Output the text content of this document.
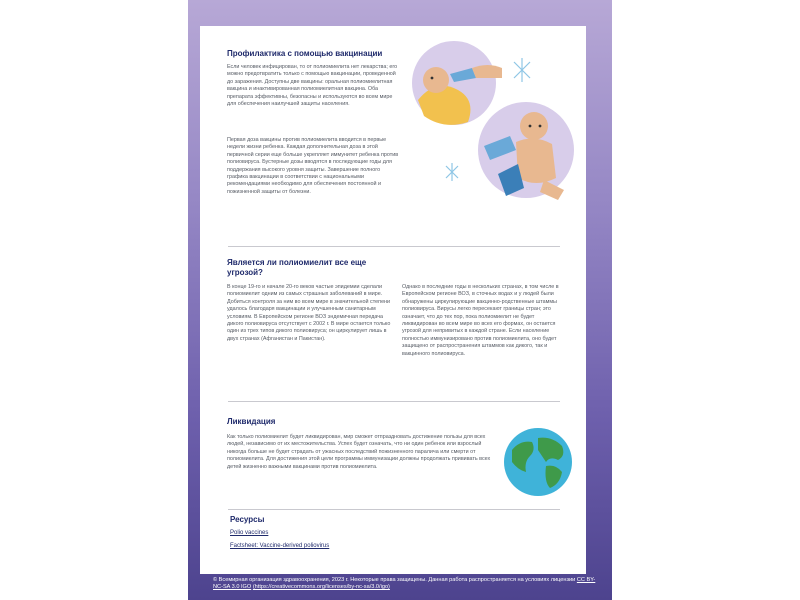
Профилактика с помощью вакцинации

Если человек инфицирован, то от полиомиелита нет лекарства; его можно предотвратить только с помощью вакцинации, проведенной до заражения. Доступны две вакцины: оральная полиомиелитная вакцина и инактивированная полиомиелитная вакцина. Оба препарата эффективны, безопасны и используются во всем мире для обеспечения наилучшей защиты населения.

Первая доза вакцины против полиомиелита вводится в первые недели жизни ребенка. Каждая дополнительная доза в этой первичной серии еще больше укрепляет иммунитет ребенка против полиовируса. Бустерные дозы вводятся в последующие годы для поддержания высокого уровня защиты. Завершение полного графика вакцинации в соответствии с национальными рекомендациями необходимо для обеспечения постоянной и пожизненной защиты от болезни.

Является ли полиомиелит все еще угрозой?

В конце 19-го и начале 20-го веков частые эпидемии сделали полиомиелит одним из самых страшных заболеваний в мире. Добиться контроля за ним во всем мире в значительной степени удалось благодаря вакцинации и улучшенным санитарным условиям. В Европейском регионе ВОЗ эндемичная передача дикого полиовируса отсутствует с 2002 г. В мире остается только один из трех типов дикого полиовируса; он циркулирует лишь в двух странах (Афганистан и Пакистан).

Однако в последние годы в нескольких странах, в том числе в Европейском регионе ВОЗ, в сточных водах и у людей были обнаружены циркулирующие вакцинно-родственные штаммы полиовируса. Вирусы легко пересекают границы стран; это означает, что до тех пор, пока полиомиелит не будет ликвидирован во всем мире во всех его формах, он остается угрозой для непривитых в каждой стране. Если население полностью иммунизировано против полиомиелита, оно будет защищено от распространения штаммов как дикого, так и вакцинного полиовируса.

Ликвидация

Как только полиомиелит будет ликвидирован, мир сможет отпраздновать достижение пользы для всех людей, независимо от их местожительства. Успех будет означать, что ни один ребенок или взрослый никогда больше не будет страдать от ужасных последствий пожизненного паралича или смерти от полиомиелита. Для достижения этой цели программы иммунизации должны продолжать прививать всех детей жизненно важными вакцинами против полиомиелита.

Ресурсы
Polio vaccines
Factsheet: Vaccine-derived poliovirus
© Всемирная организация здравоохранения, 2023 г. Некоторые права защищены. Данная работа распространяется на условиях лицензии CC BY-NC-SA 3.0 IGO (https://creativecommons.org/licenses/by-nc-sa/3.0/igo)
